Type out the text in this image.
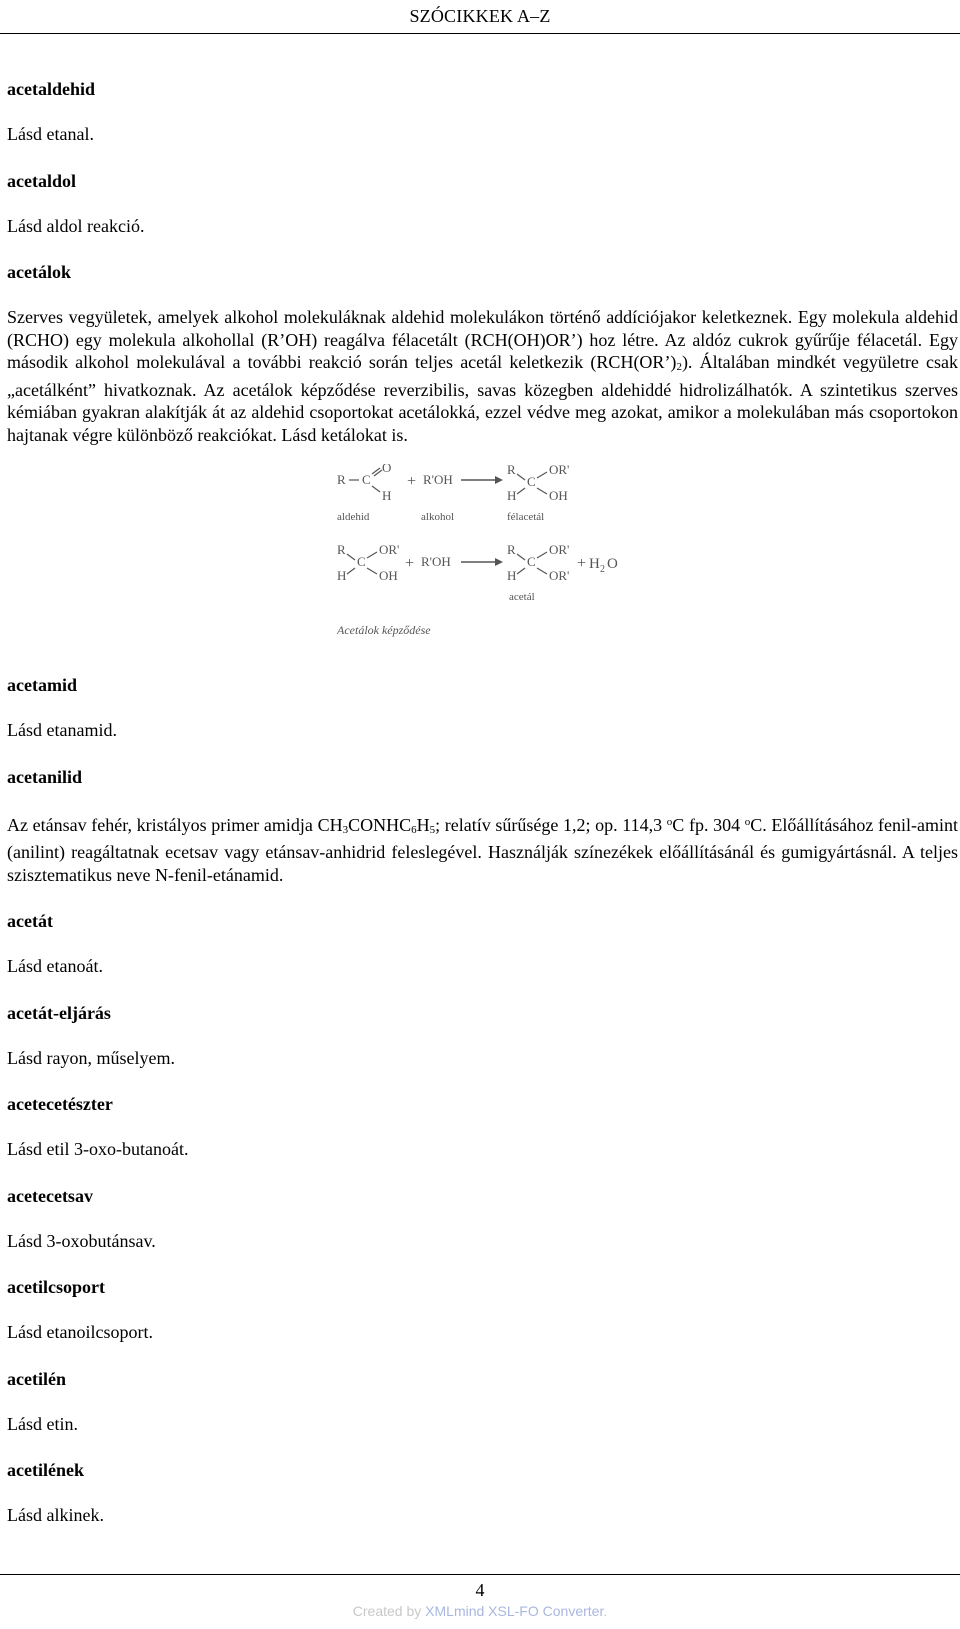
SZÓCIKKEK A–Z
acetaldehid
Lásd etanal.
acetaldol
Lásd aldol reakció.
acetálok
Szerves vegyületek, amelyek alkohol molekuláknak aldehid molekulákon történő addíciójakor keletkeznek. Egy molekula aldehid (RCHO) egy molekula alkohollal (R’OH) reagálva félacetált (RCH(OH)OR’) hoz létre. Az aldóz cukrok gyűrűje félacetál. Egy második alkohol molekulával a további reakció során teljes acetál keletkezik $(RCH(OR’)_2)$. Általában mindkét vegyületre csak „acetálként” hivatkoznak. Az acetálok képződése reverzibilis, savas közegben aldehiddé hidrolizálhatók. A szintetikus szerves kémiában gyakran alakítják át az aldehid csoportokat acetálokká, ezzel védve meg azokat, amikor a molekulában más csoportokon hajtanak végre különböző reakciókat. Lásd ketálokat is.
R C
O
H
+ R'OH
R
C
OR'
H	OH
aldehid	alkohol	félacetál
R
C
OR'
H	OH
+ R'OH
R
C
OR'
H	OR'
+ H 2 O
acetál
Acetálok képződése
acetamid
Lásd etanamid.
acetanilid
Az etánsav fehér, kristályos primer amidja $CH_3CONHC_6H_5$; relatív sűrűsége 1,2; op. 114,3 $^o$C fp. 304 $^o$C. Előállításához fenil-amint (anilint) reagáltatnak ecetsav vagy etánsav-anhidrid feleslegével. Használják színezékek előállításánál és gumigyártásnál. A teljes szisztematikus neve N-fenil-etánamid.
acetát
Lásd etanoát.
acetát-eljárás
Lásd rayon, műselyem.
acetecetészter
Lásd etil 3-oxo-butanoát.
acetecetsav
Lásd 3-oxobutánsav.
acetilcsoport
Lásd etanoilcsoport.
acetilén
Lásd etin.
acetilének
Lásd alkinek.
4
Created by XMLmind XSL-FO Converter.
